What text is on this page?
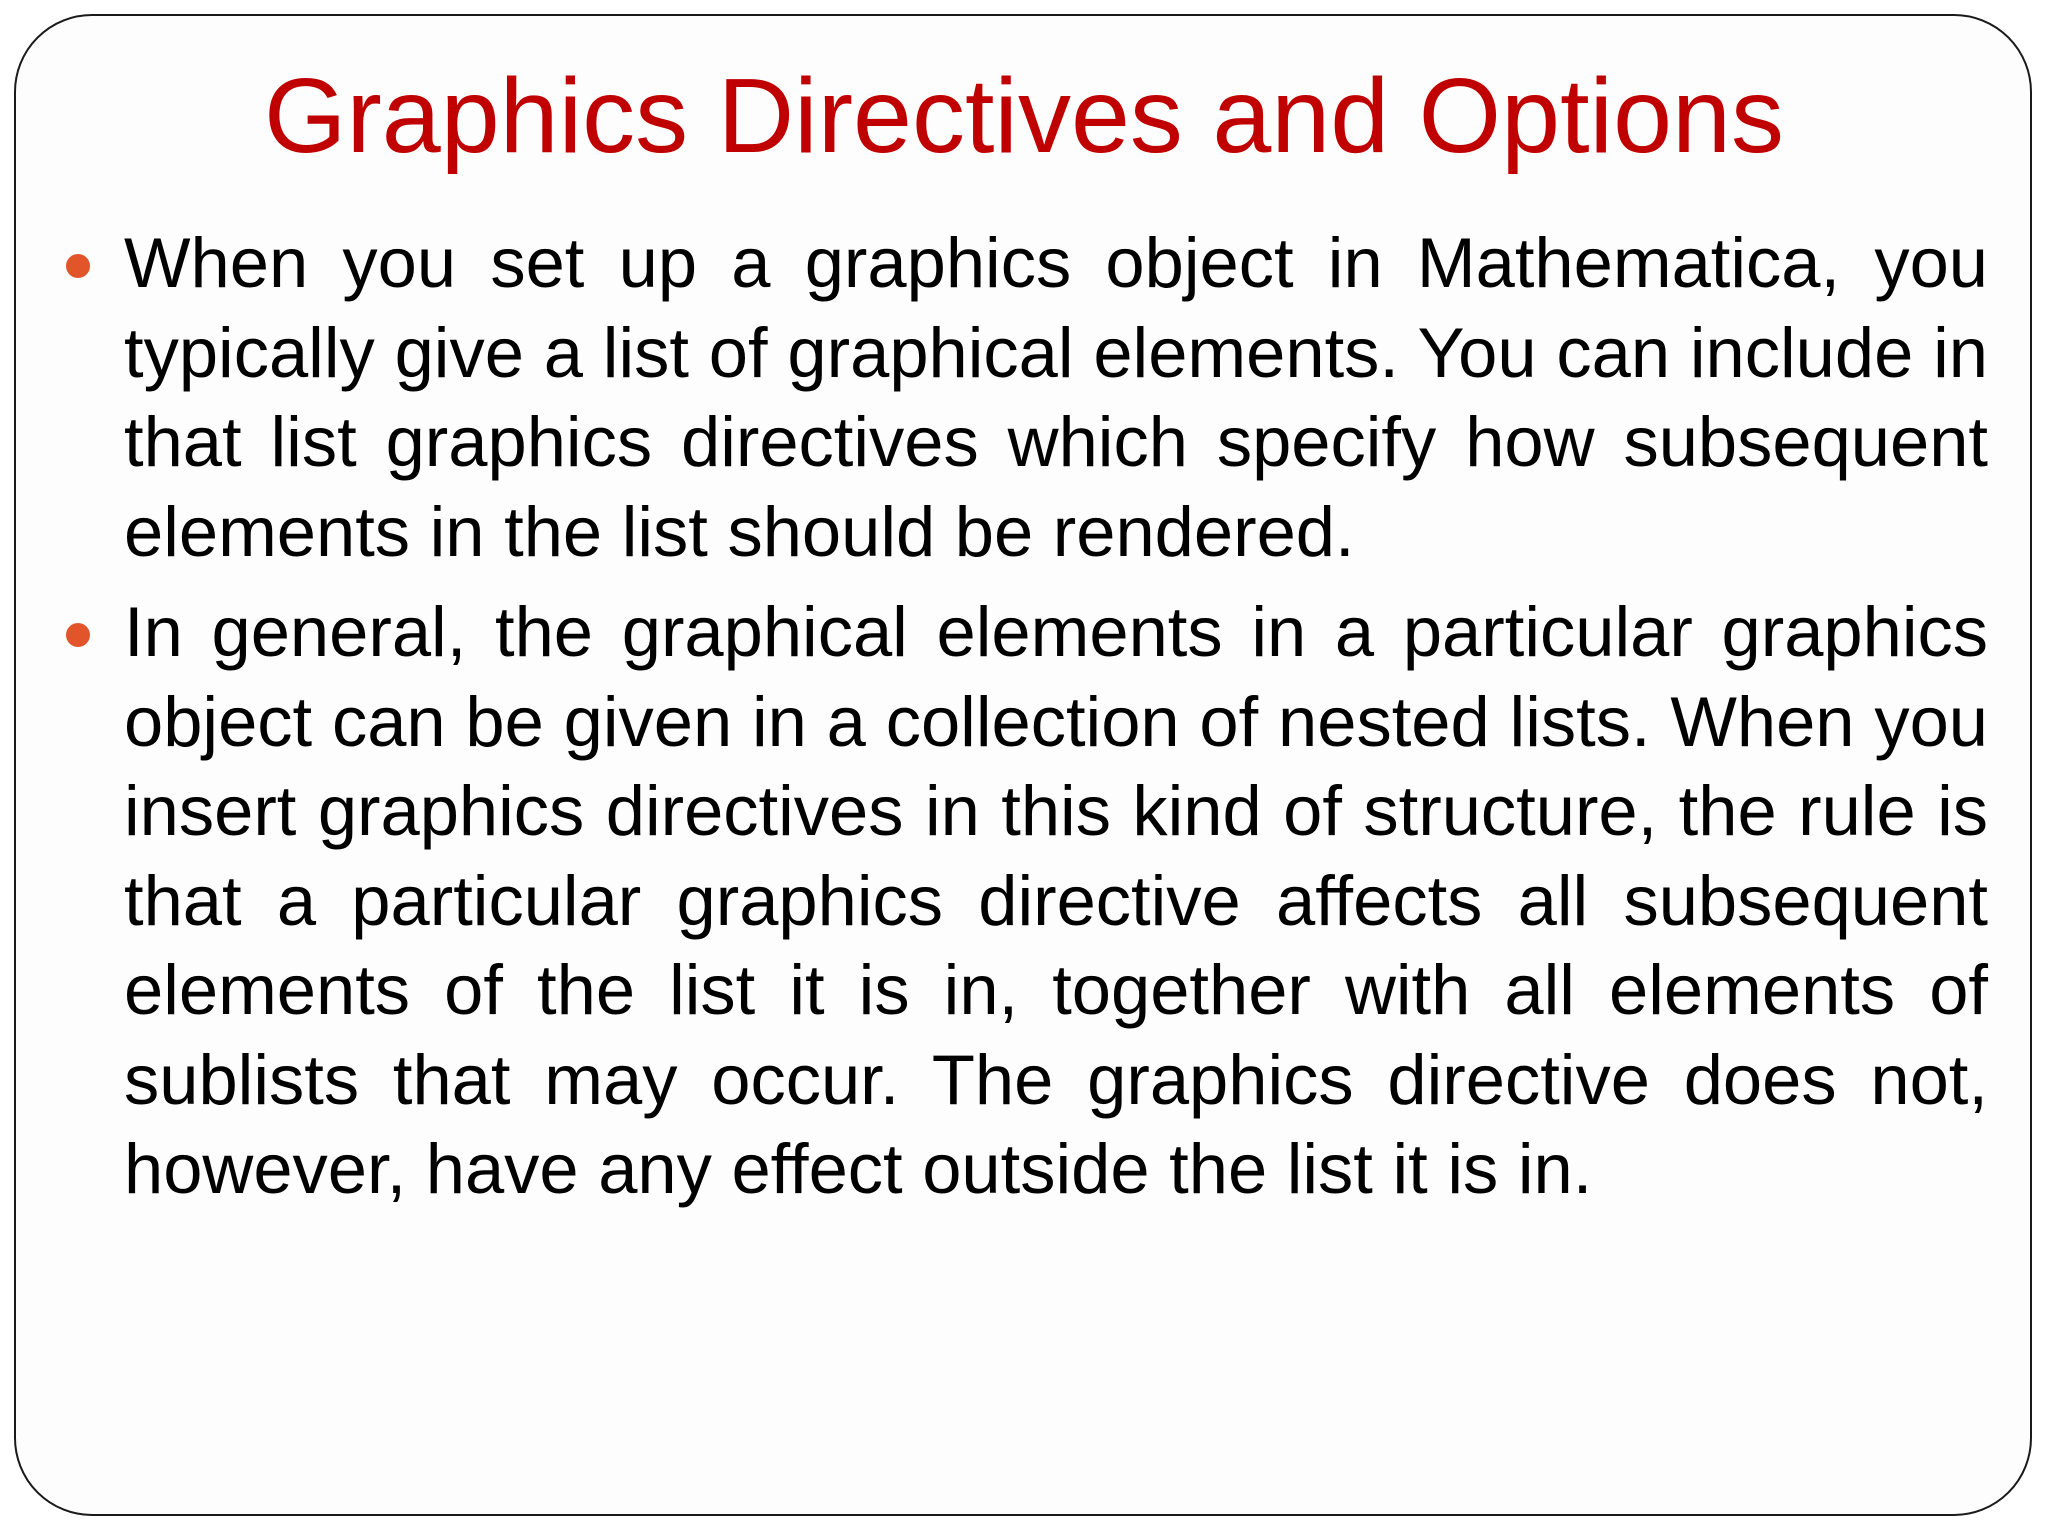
Graphics Directives and Options
When you set up a graphics object in Mathematica, you typically give a list of graphical elements. You can include in that list graphics directives which specify how subsequent elements in the list should be rendered.
In general, the graphical elements in a particular graphics object can be given in a collection of nested lists. When you insert graphics directives in this kind of structure, the rule is that a particular graphics directive affects all subsequent elements of the list it is in, together with all elements of sublists that may occur. The graphics directive does not, however, have any effect outside the list it is in.
